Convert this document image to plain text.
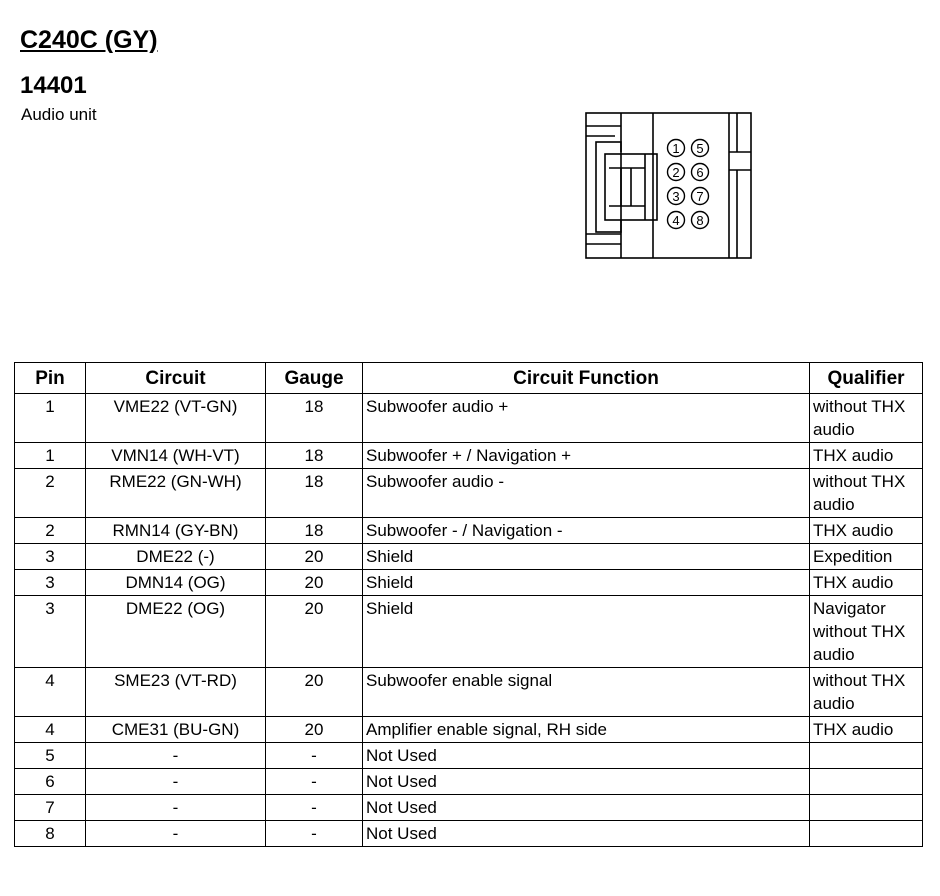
C240C (GY)
14401
Audio unit
1
2
3
4
5
6
7
8
Pin	Circuit	Gauge	Circuit Function	Qualifier
1	VME22 (VT-GN)	18	Subwoofer audio +	without THX audio
1	VMN14 (WH-VT)	18	Subwoofer + / Navigation +	THX audio
2	RME22 (GN-WH)	18	Subwoofer audio -	without THX audio
2	RMN14 (GY-BN)	18	Subwoofer - / Navigation -	THX audio
3	DME22 (-)	20	Shield	Expedition
3	DMN14 (OG)	20	Shield	THX audio
3	DME22 (OG)	20	Shield	Navigator without THX audio
4	SME23 (VT-RD)	20	Subwoofer enable signal	without THX audio
4	CME31 (BU-GN)	20	Amplifier enable signal, RH side	THX audio
5	-	-	Not Used	
6	-	-	Not Used	
7	-	-	Not Used	
8	-	-	Not Used	
